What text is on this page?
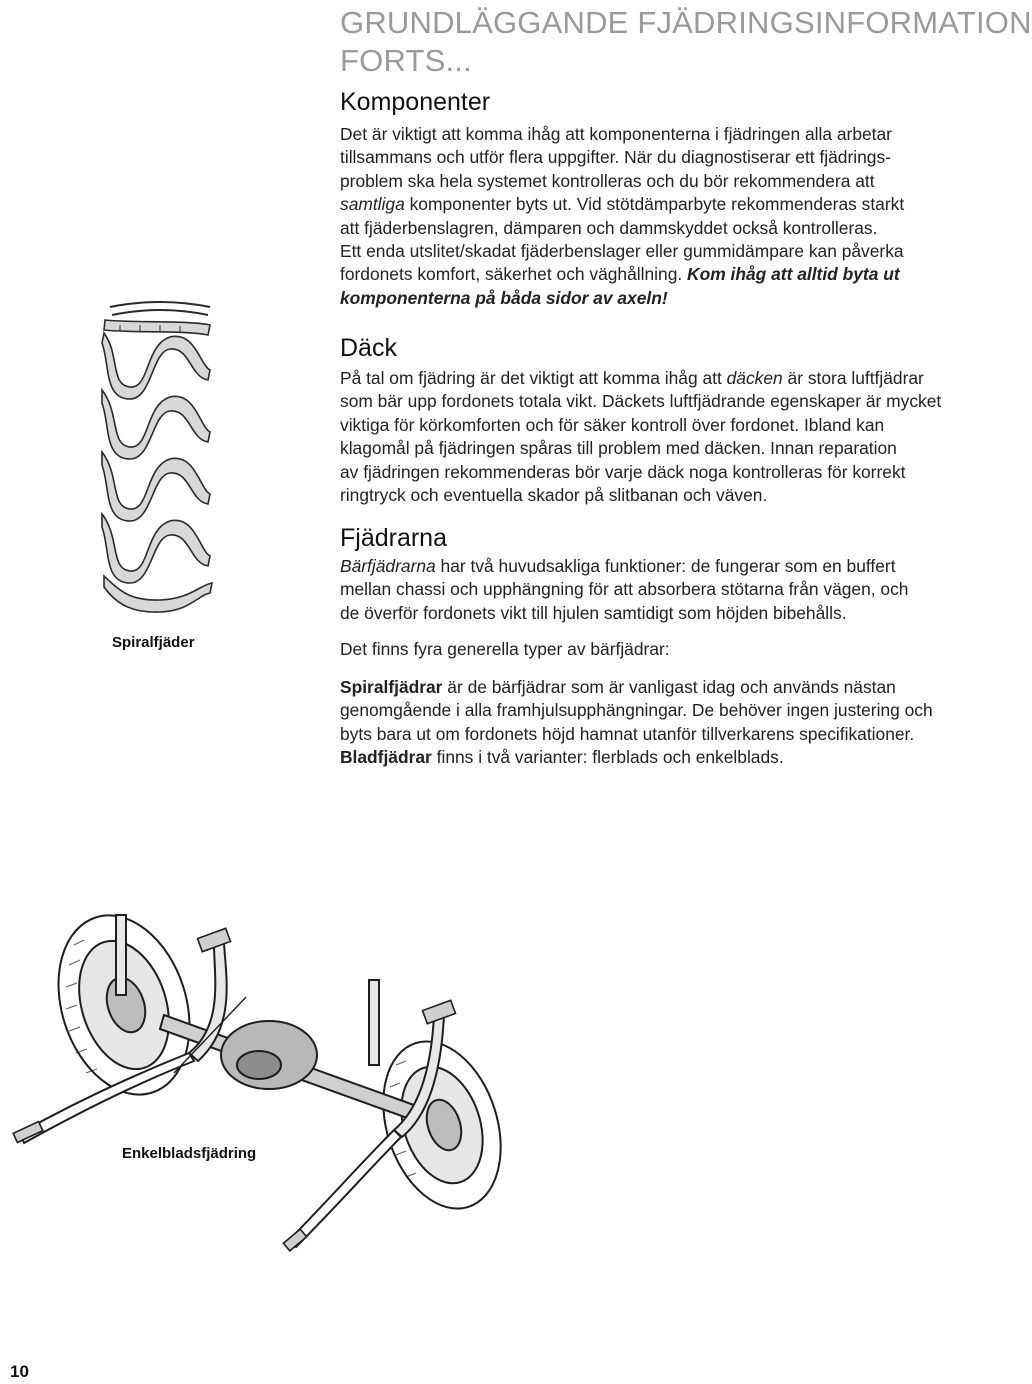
GRUNDLÄGGANDE FJÄDRINGSINFORMATION
FORTS...
Komponenter

Det är viktigt att komma ihåg att komponenterna i fjädringen alla arbetar
tillsammans och utför flera uppgifter. När du diagnostiserar ett fjädrings-
problem ska hela systemet kontrolleras och du bör rekommendera att
samtliga komponenter byts ut. Vid stötdämparbyte rekommenderas starkt
att fjäderbenslagren, dämparen och dammskyddet också kontrolleras.
Ett enda utslitet/skadat fjäderbenslager eller gummidämpare kan påverka
fordonets komfort, säkerhet och väghållning. Kom ihåg att alltid byta ut
komponenterna på båda sidor av axeln!

Däck

På tal om fjädring är det viktigt att komma ihåg att däcken är stora luftfjädrar
som bär upp fordonets totala vikt. Däckets luftfjädrande egenskaper är mycket
viktiga för körkomforten och för säker kontroll över fordonet. Ibland kan
klagomål på fjädringen spåras till problem med däcken. Innan reparation
av fjädringen rekommenderas bör varje däck noga kontrolleras för korrekt
ringtryck och eventuella skador på slitbanan och väven.

Fjädrarna

Bärfjädrarna har två huvudsakliga funktioner: de fungerar som en buffert
mellan chassi och upphängning för att absorbera stötarna från vägen, och
de överför fordonets vikt till hjulen samtidigt som höjden bibehålls.

Det finns fyra generella typer av bärfjädrar:

Spiralfjädrar är de bärfjädrar som är vanligast idag och används nästan
genomgående i alla framhjulsupphängningar. De behöver ingen justering och
byts bara ut om fordonets höjd hamnat utanför tillverkarens specifikationer.
Bladfjädrar finns i två varianter: flerblads och enkelblads.

Spiralfjäder
Enkelbladsfjädring
10
